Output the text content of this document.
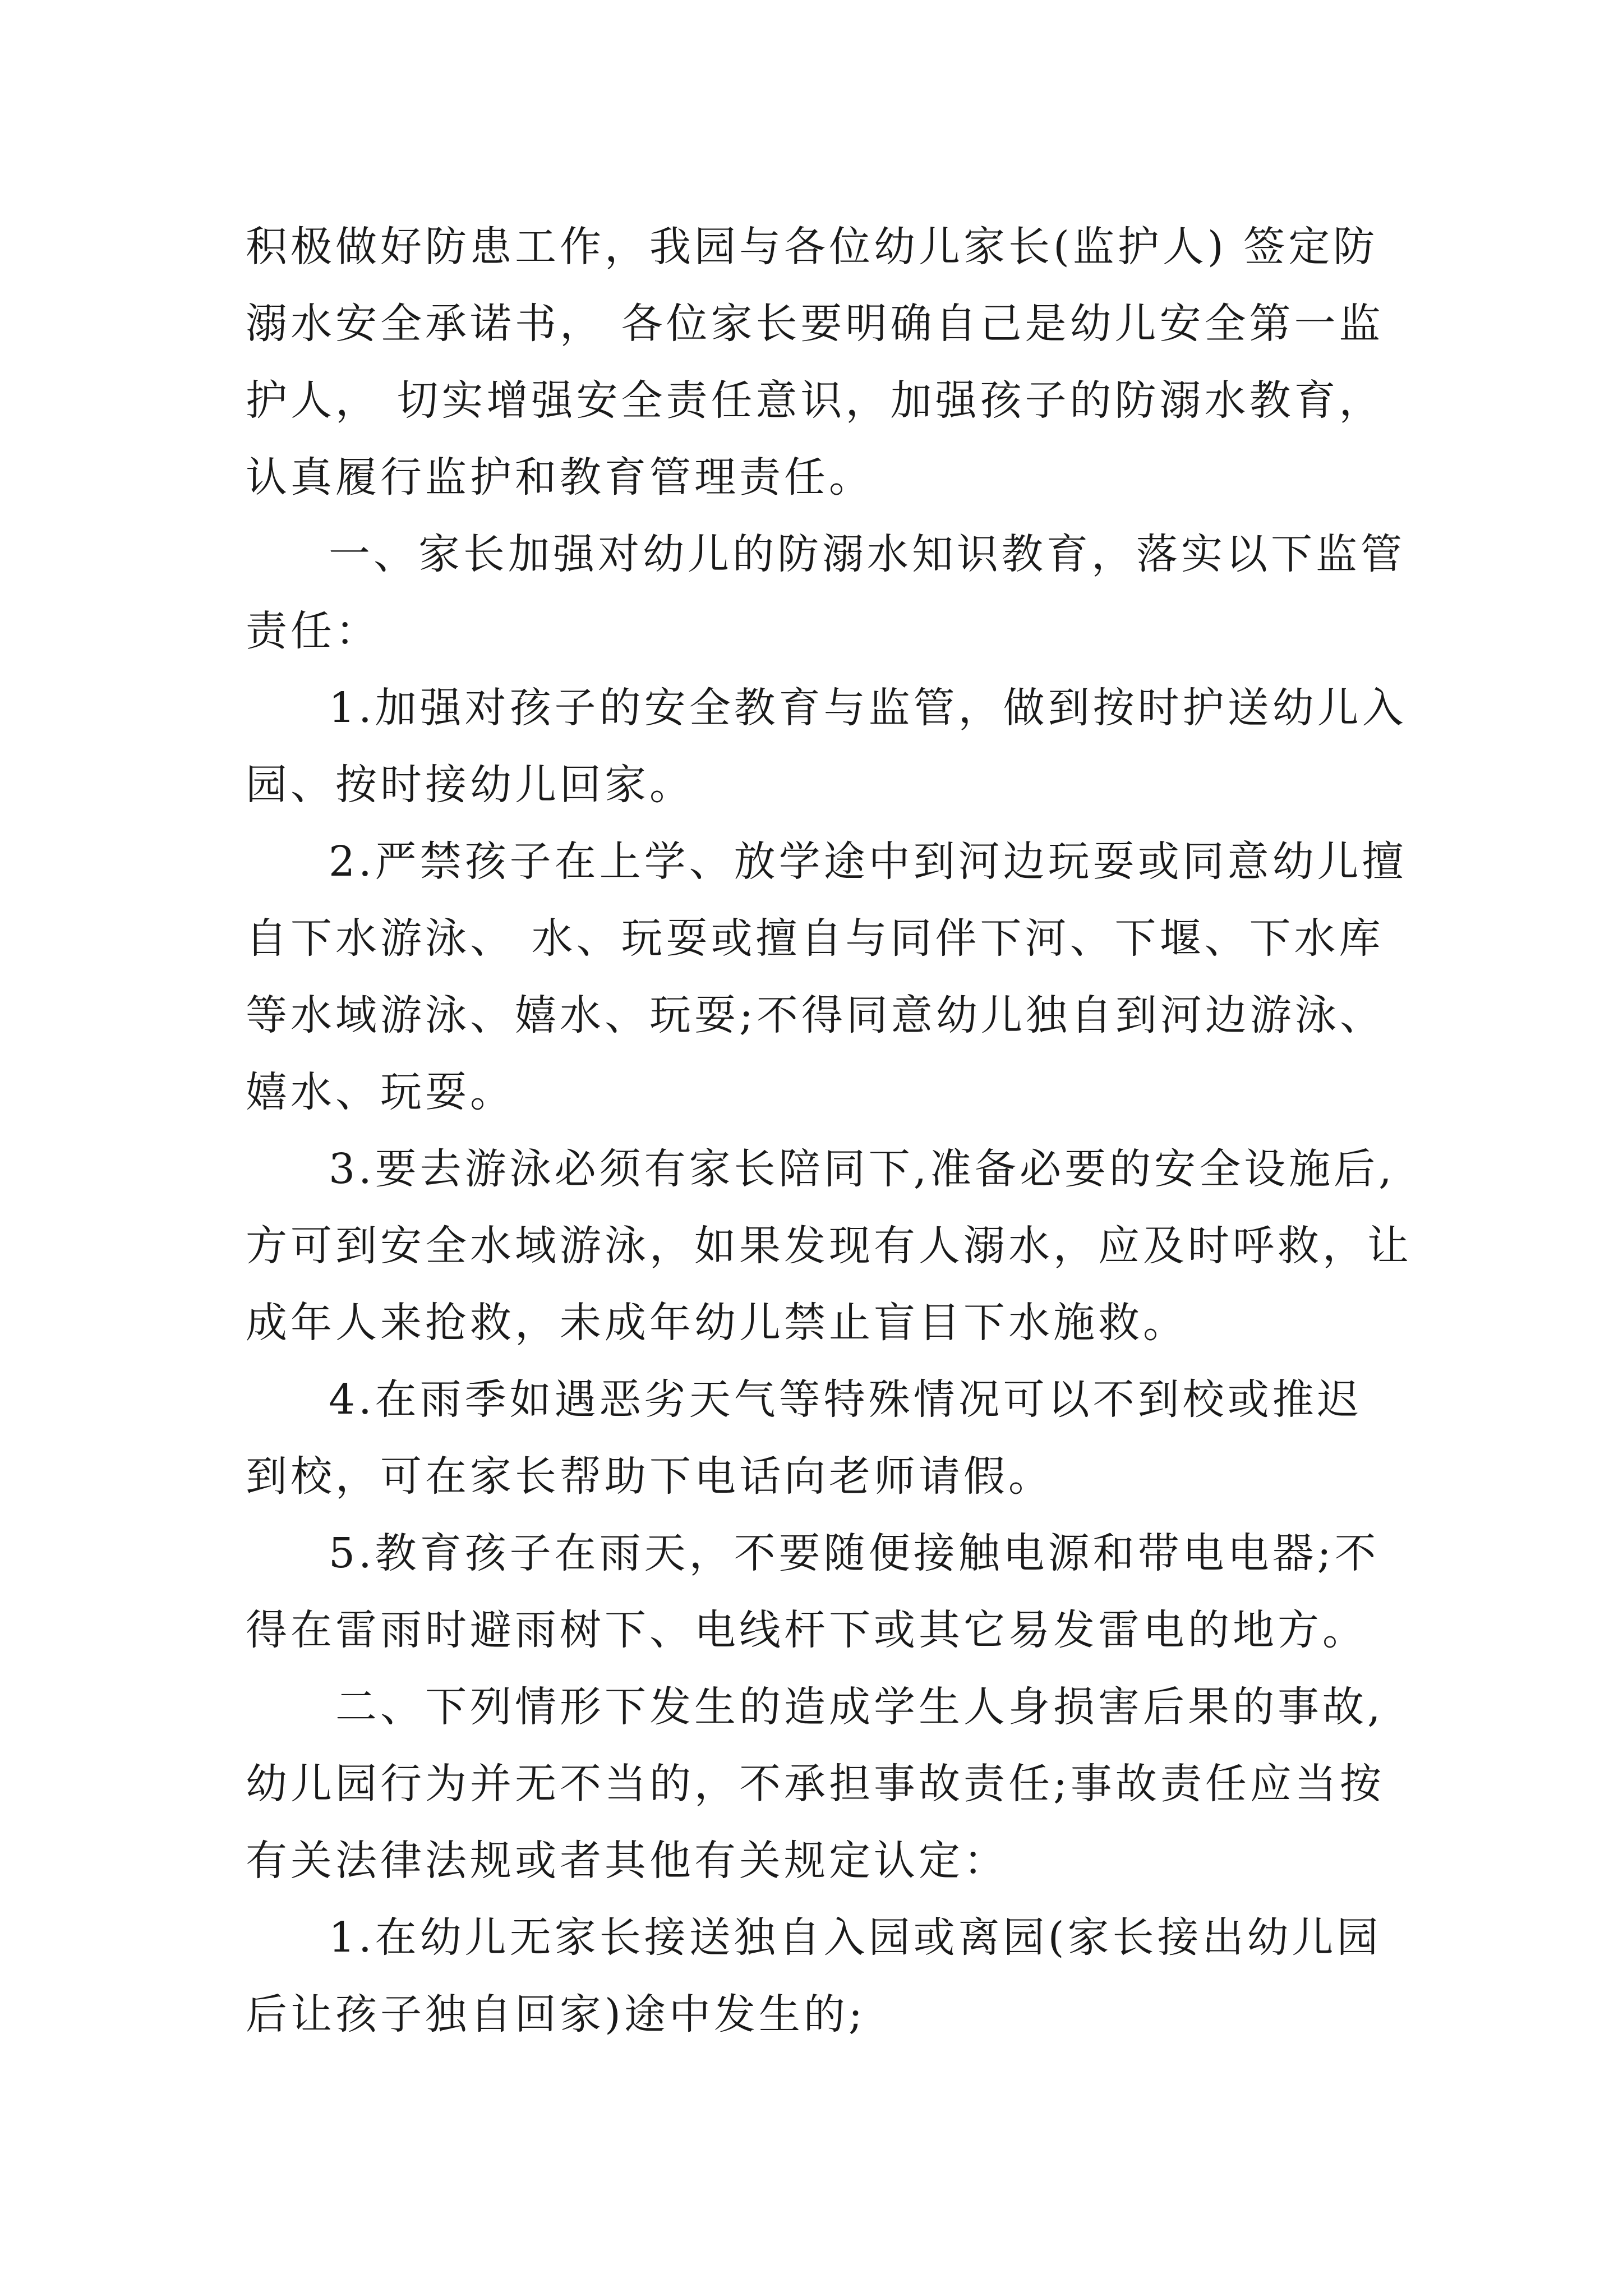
积极做好防患工作，我园与各位幼儿家长(监护人) 签定防
溺水安全承诺书， 各位家长要明确自己是幼儿安全第一监
护人， 切实增强安全责任意识，加强孩子的防溺水教育，
认真履行监护和教育管理责任。
一、家长加强对幼儿的防溺水知识教育，落实以下监管
责任：
1.加强对孩子的安全教育与监管，做到按时护送幼儿入
园、按时接幼儿回家。
2.严禁孩子在上学、放学途中到河边玩耍或同意幼儿擅
自下水游泳、 水、玩耍或擅自与同伴下河、下堰、下水库
等水域游泳、嬉水、玩耍;不得同意幼儿独自到河边游泳、
嬉水、玩耍。
3.要去游泳必须有家长陪同下,准备必要的安全设施后,
方可到安全水域游泳，如果发现有人溺水，应及时呼救，让
成年人来抢救，未成年幼儿禁止盲目下水施救。
4.在雨季如遇恶劣天气等特殊情况可以不到校或推迟
到校，可在家长帮助下电话向老师请假。
5.教育孩子在雨天，不要随便接触电源和带电电器;不
得在雷雨时避雨树下、电线杆下或其它易发雷电的地方。
二、下列情形下发生的造成学生人身损害后果的事故,
幼儿园行为并无不当的，不承担事故责任;事故责任应当按
有关法律法规或者其他有关规定认定：
1.在幼儿无家长接送独自入园或离园(家长接出幼儿园
后让孩子独自回家)途中发生的;
